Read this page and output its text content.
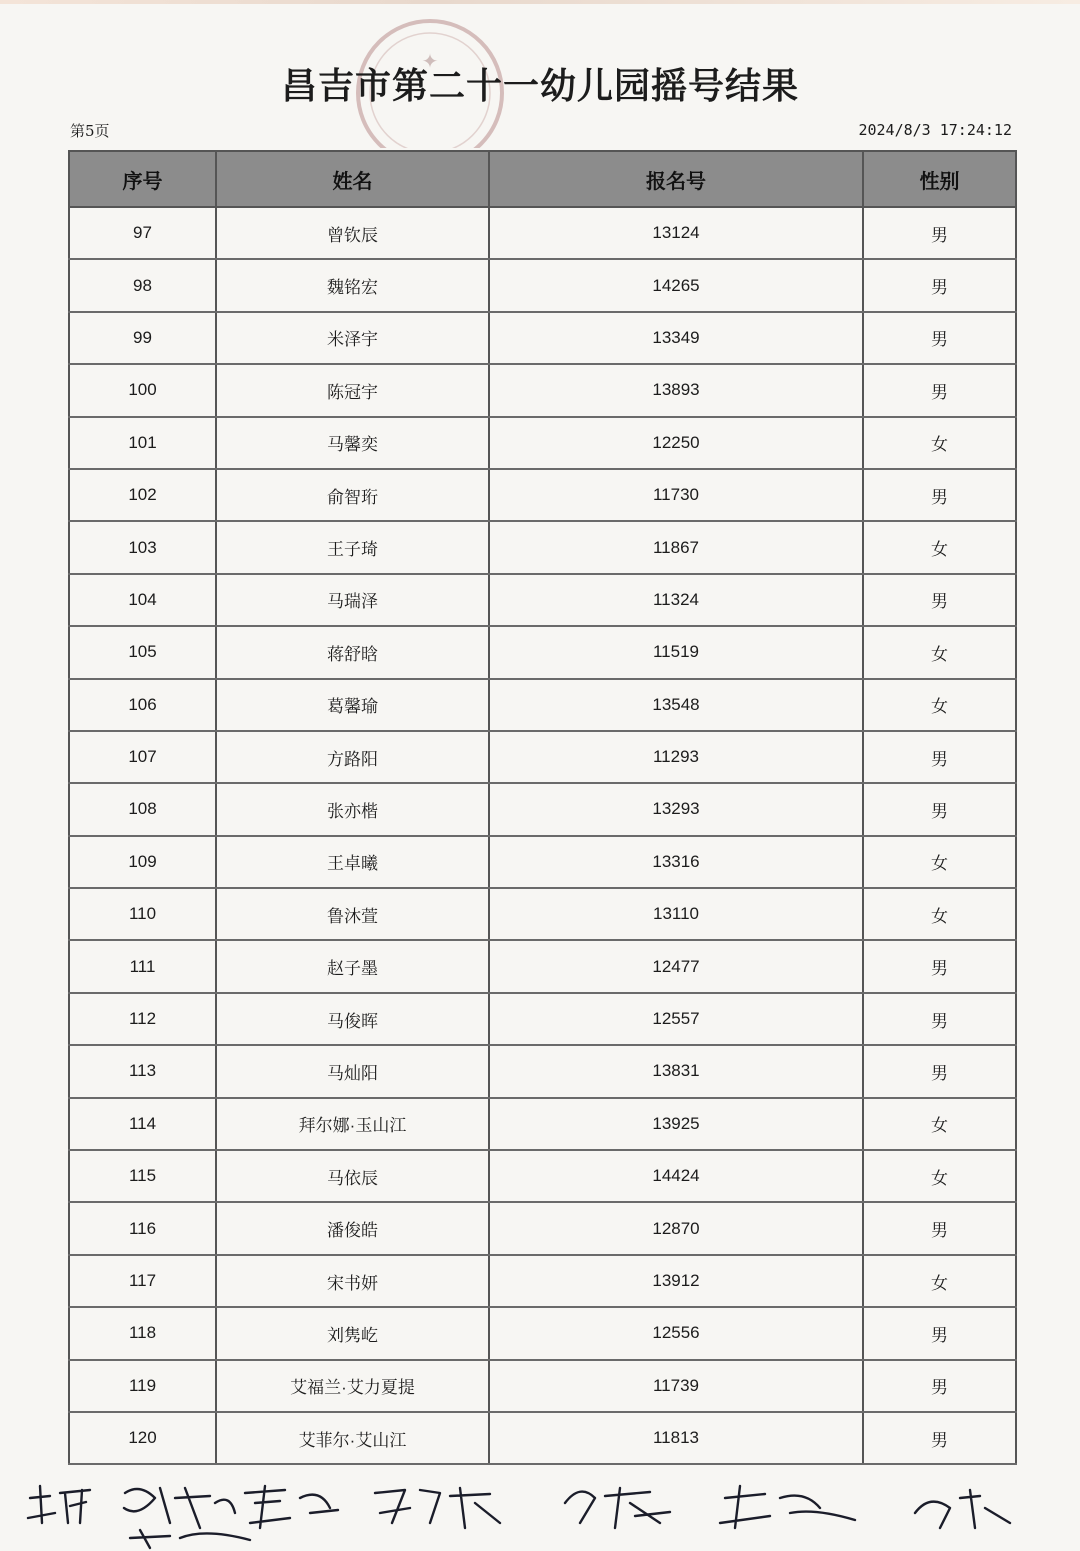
✦
昌吉市第二十一幼儿园摇号结果
第5页	2024/8/3 17:24:12
序号	姓名	报名号	性别
97	曾钦辰	13124	男
98	魏铭宏	14265	男
99	米泽宇	13349	男
100	陈冠宇	13893	男
101	马馨奕	12250	女
102	俞智珩	11730	男
103	王子琦	11867	女
104	马瑞泽	11324	男
105	蒋舒晗	11519	女
106	葛馨瑜	13548	女
107	方路阳	11293	男
108	张亦楷	13293	男
109	王卓曦	13316	女
110	鲁沐萱	13110	女
111	赵子墨	12477	男
112	马俊晖	12557	男
113	马灿阳	13831	男
114	拜尔娜·玉山江	13925	女
115	马依辰	14424	女
116	潘俊皓	12870	男
117	宋书妍	13912	女
118	刘隽屹	12556	男
119	艾福兰·艾力夏提	11739	男
120	艾菲尔·艾山江	11813	男
